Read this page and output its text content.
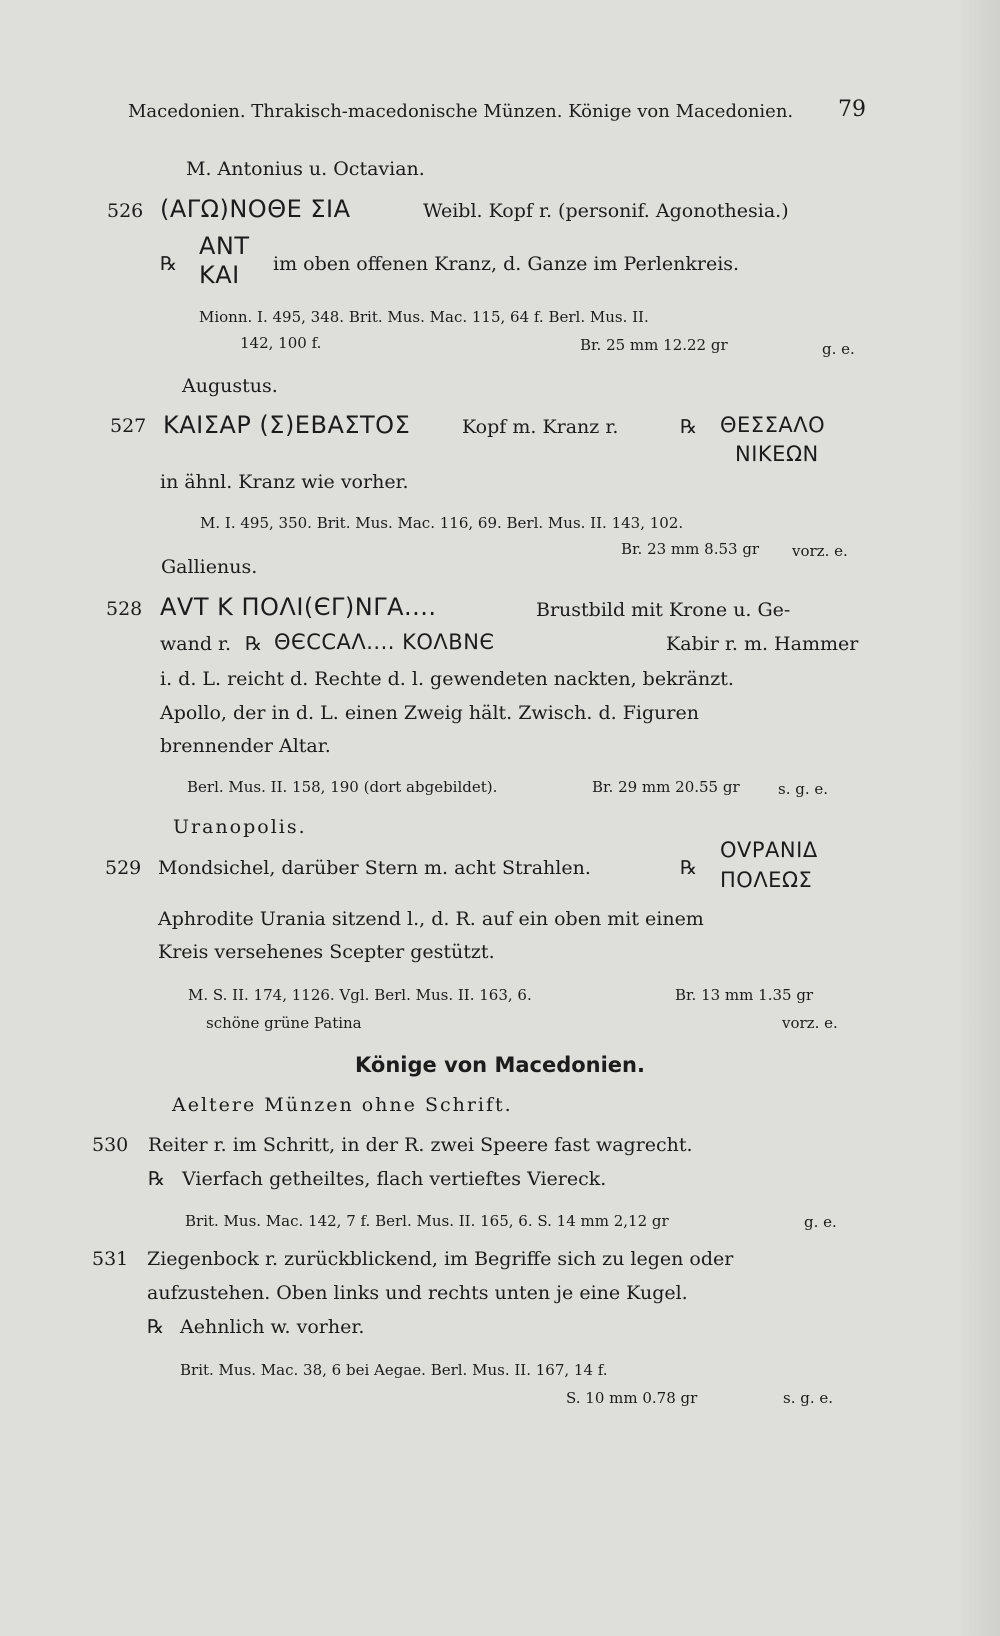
Macedonien. Thrakisch-macedonische Münzen. Könige von Macedonien. 79
M. Antonius u. Octavian.
526 (ΑΓΩ)ΝΟΘΕ ΣΙΑ	Weibl. Kopf r. (personif. Agonothesia.)
℞
ΑΝΤ
ΚΑΙ im oben offenen Kranz, d. Ganze im Perlenkreis.
Mionn. I. 495, 348. Brit. Mus. Mac. 115, 64 f. Berl. Mus. II.
142, 100 f.	Br. 25 mm 12.22 gr	g. e.
Augustus.
527 ΚΑΙΣΑΡ (Σ)ΕΒΑΣΤΟΣ	Kopf m. Kranz r.	℞ ΘΕΣΣΑΛΟ
ΝΙΚΕΩΝ
in ähnl. Kranz wie vorher.
M. I. 495, 350. Brit. Mus. Mac. 116, 69. Berl. Mus. II. 143, 102.
Br. 23 mm 8.53 gr vorz. e.
Gallienus.
528 ΑVΤ Κ ΠΟΛΙ(ЄΓ)ΝΓΑ....	Brustbild mit Krone u. Ge-
wand r. ℞ ΘЄϹϹΑΛ.... ΚΟΛΒΝЄ	Kabir r. m. Hammer
i. d. L. reicht d. Rechte d. l. gewendeten nackten, bekränzt.
Apollo, der in d. L. einen Zweig hält. Zwisch. d. Figuren
brennender Altar.
Berl. Mus. II. 158, 190 (dort abgebildet).	Br. 29 mm 20.55 gr	s. g. e.
Uranopolis.
529 Mondsichel, darüber Stern m. acht Strahlen.	℞
ΟVΡΑΝΙΔ
ΠΟΛΕΩΣ
Aphrodite Urania sitzend l., d. R. auf ein oben mit einem
Kreis versehenes Scepter gestützt.
M. S. II. 174, 1126. Vgl. Berl. Mus. II. 163, 6.	Br. 13 mm 1.35 gr
schöne grüne Patina	vorz. e.
Könige von Macedonien.
Aeltere Münzen ohne Schrift.
530 Reiter r. im Schritt, in der R. zwei Speere fast wagrecht.
℞ Vierfach getheiltes, flach vertieftes Viereck.
Brit. Mus. Mac. 142, 7 f. Berl. Mus. II. 165, 6. S. 14 mm 2,12 gr	g. e.
531 Ziegenbock r. zurückblickend, im Begriffe sich zu legen oder
aufzustehen. Oben links und rechts unten je eine Kugel.
℞ Aehnlich w. vorher.
Brit. Mus. Mac. 38, 6 bei Aegae. Berl. Mus. II. 167, 14 f.
S. 10 mm 0.78 gr	s. g. e.
